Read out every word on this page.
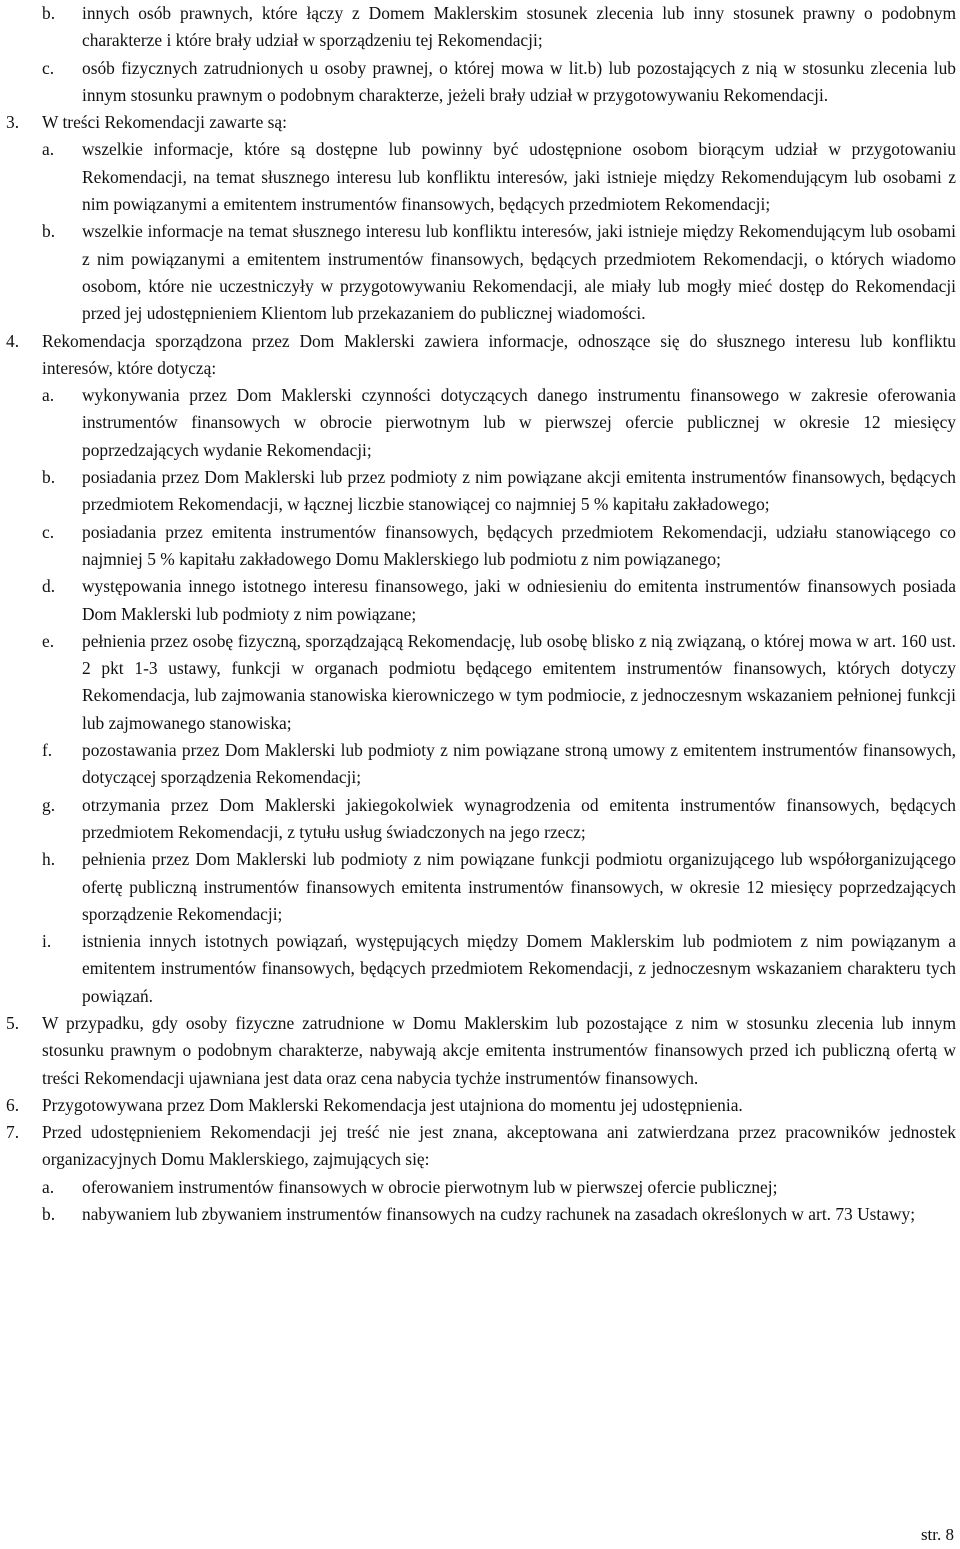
b.	innych osób prawnych, które łączy z Domem Maklerskim stosunek zlecenia lub inny stosunek prawny o podobnym charakterze i które brały udział w sporządzeniu tej Rekomendacji;
c.	osób fizycznych zatrudnionych u osoby prawnej, o której mowa w lit.b) lub pozostających z nią w stosunku zlecenia lub innym stosunku prawnym o podobnym charakterze, jeżeli brały udział w przygotowywaniu Rekomendacji.
3.	W treści Rekomendacji zawarte są:
a.	wszelkie informacje, które są dostępne lub powinny być udostępnione osobom biorącym udział w przygotowaniu Rekomendacji, na temat słusznego interesu lub konfliktu interesów, jaki istnieje między Rekomendującym lub osobami z nim powiązanymi a emitentem instrumentów finansowych, będących przedmiotem Rekomendacji;
b.	wszelkie informacje na temat słusznego interesu lub konfliktu interesów, jaki istnieje między Rekomendującym lub osobami z nim powiązanymi a emitentem instrumentów finansowych, będących przedmiotem Rekomendacji, o których wiadomo osobom, które nie uczestniczyły w przygotowywaniu Rekomendacji, ale miały lub mogły mieć dostęp do Rekomendacji przed jej udostępnieniem Klientom lub przekazaniem do publicznej wiadomości.
4.	Rekomendacja sporządzona przez Dom Maklerski zawiera informacje, odnoszące się do słusznego interesu lub konfliktu interesów, które dotyczą:
a.	wykonywania przez Dom Maklerski czynności dotyczących danego instrumentu finansowego w zakresie oferowania instrumentów finansowych w obrocie pierwotnym lub w pierwszej ofercie publicznej w okresie 12 miesięcy poprzedzających wydanie Rekomendacji;
b.	posiadania przez Dom Maklerski lub przez podmioty z nim powiązane akcji emitenta instrumentów finansowych, będących przedmiotem Rekomendacji, w łącznej liczbie stanowiącej co najmniej 5 % kapitału zakładowego;
c.	posiadania przez emitenta instrumentów finansowych, będących przedmiotem Rekomendacji, udziału stanowiącego co najmniej 5 % kapitału zakładowego Domu Maklerskiego lub podmiotu z nim powiązanego;
d.	występowania innego istotnego interesu finansowego, jaki w odniesieniu do emitenta instrumentów finansowych posiada Dom Maklerski lub podmioty z nim powiązane;
e.	pełnienia przez osobę fizyczną, sporządzającą Rekomendację, lub osobę blisko z nią związaną, o której mowa w art. 160 ust. 2 pkt 1-3 ustawy, funkcji w organach podmiotu będącego emitentem instrumentów finansowych, których dotyczy Rekomendacja, lub zajmowania stanowiska kierowniczego w tym podmiocie, z jednoczesnym wskazaniem pełnionej funkcji lub zajmowanego stanowiska;
f.	pozostawania przez Dom Maklerski lub podmioty z nim powiązane stroną umowy z emitentem instrumentów finansowych, dotyczącej sporządzenia Rekomendacji;
g.	otrzymania przez Dom Maklerski jakiegokolwiek wynagrodzenia od emitenta instrumentów finansowych, będących przedmiotem Rekomendacji, z tytułu usług świadczonych na jego rzecz;
h.	pełnienia przez Dom Maklerski lub podmioty z nim powiązane funkcji podmiotu organizującego lub współorganizującego ofertę publiczną instrumentów finansowych emitenta instrumentów finansowych, w okresie 12 miesięcy poprzedzających sporządzenie Rekomendacji;
i.	istnienia innych istotnych powiązań, występujących między Domem Maklerskim lub podmiotem z nim powiązanym a emitentem instrumentów finansowych, będących przedmiotem Rekomendacji, z jednoczesnym wskazaniem charakteru tych powiązań.
5.	W przypadku, gdy osoby fizyczne zatrudnione w Domu Maklerskim lub pozostające z nim w stosunku zlecenia lub innym stosunku prawnym o podobnym charakterze, nabywają akcje emitenta instrumentów finansowych przed ich publiczną ofertą w treści Rekomendacji ujawniana jest data oraz cena nabycia tychże instrumentów finansowych.
6.	Przygotowywana przez Dom Maklerski Rekomendacja jest utajniona do momentu jej udostępnienia.
7.	Przed udostępnieniem Rekomendacji jej treść nie jest znana, akceptowana ani zatwierdzana przez pracowników jednostek organizacyjnych Domu Maklerskiego, zajmujących się:
a.	oferowaniem instrumentów finansowych w obrocie pierwotnym lub w pierwszej ofercie publicznej;
b.	nabywaniem lub zbywaniem instrumentów finansowych na cudzy rachunek na zasadach określonych w art. 73 Ustawy;
str. 8
